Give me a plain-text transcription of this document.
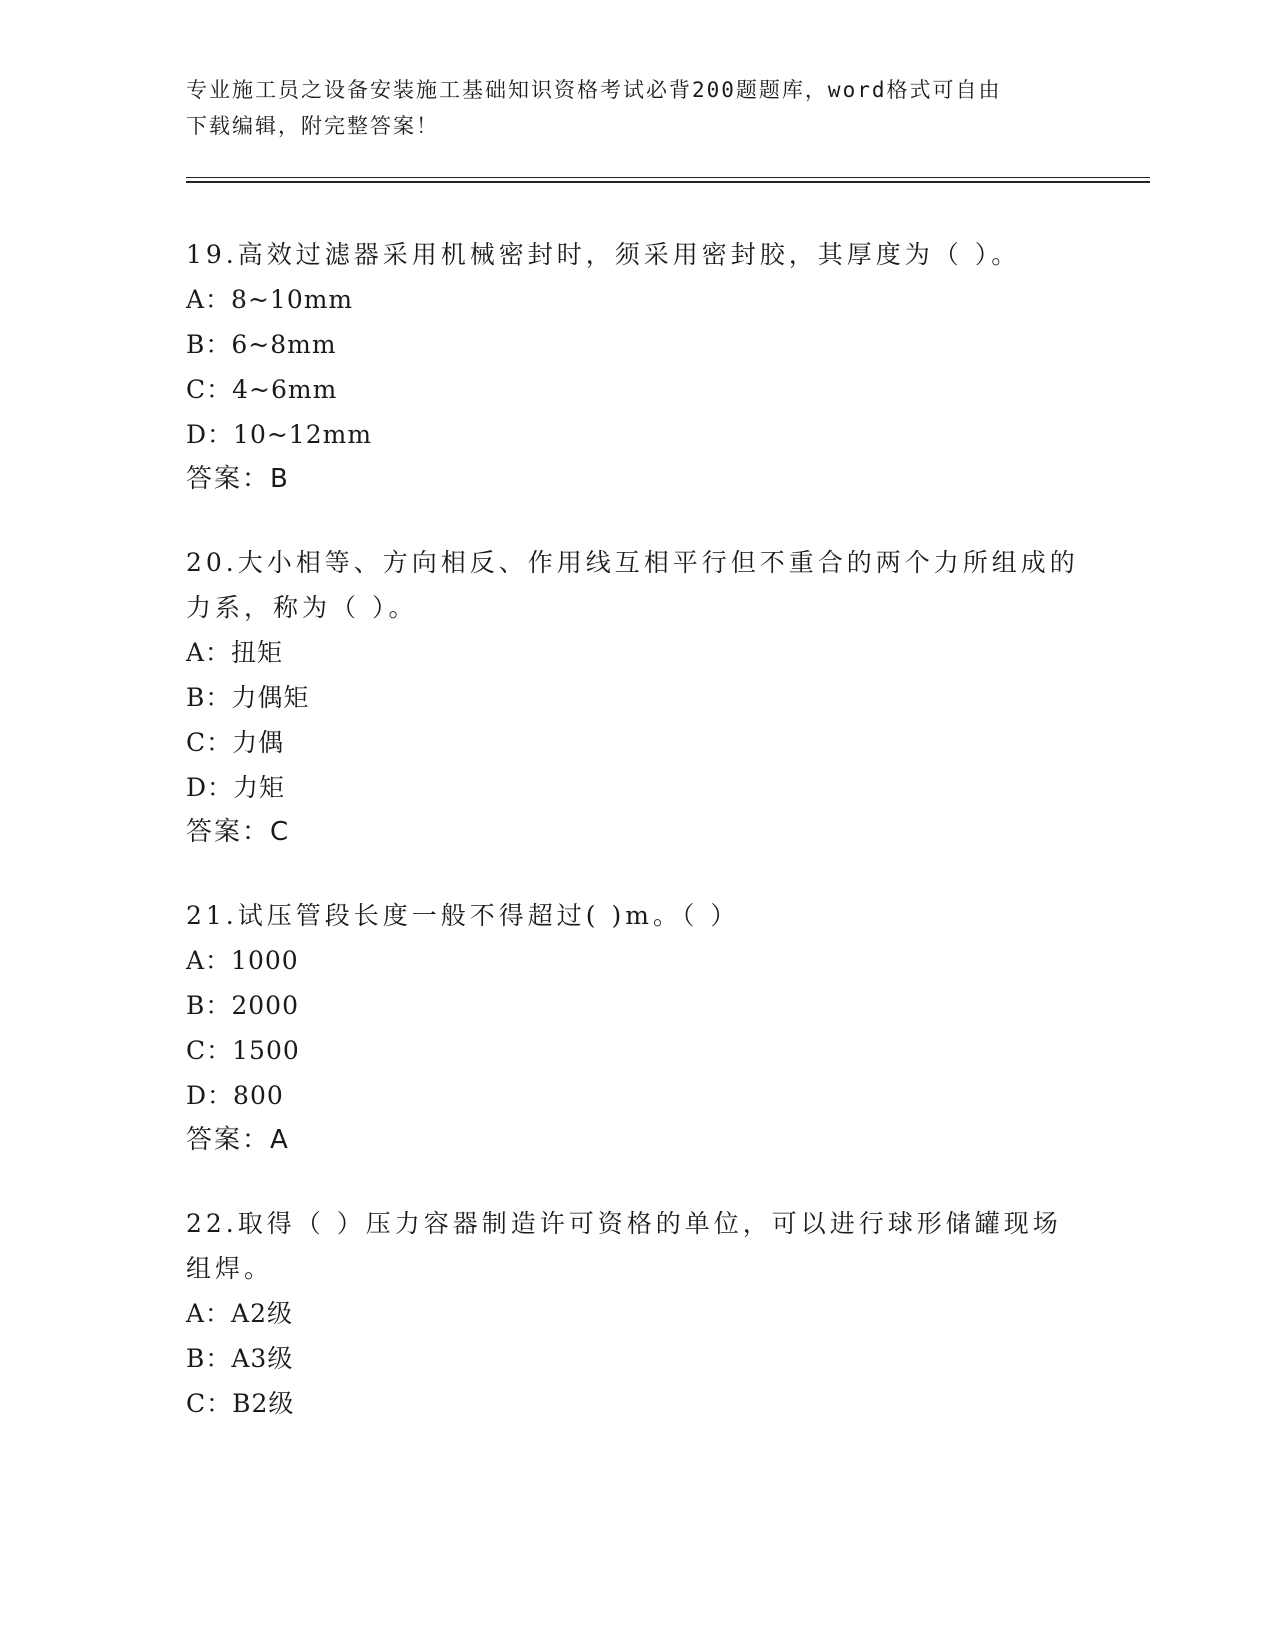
专业施工员之设备安装施工基础知识资格考试必背200题题库，word格式可自由
下载编辑，附完整答案！
19.高效过滤器采用机械密封时，须采用密封胶，其厚度为（ ）。
A：8~10mm
B：6~8mm
C：4~6mm
D：10~12mm
答案：B
20.大小相等、方向相反、作用线互相平行但不重合的两个力所组成的
力系，称为（ ）。
A：扭矩
B：力偶矩
C：力偶
D：力矩
答案：C
21.试压管段长度一般不得超过( )m。（ ）
A：1000
B：2000
C：1500
D：800
答案：A
22.取得（ ）压力容器制造许可资格的单位，可以进行球形储罐现场
组焊。
A：A2级
B：A3级
C：B2级
